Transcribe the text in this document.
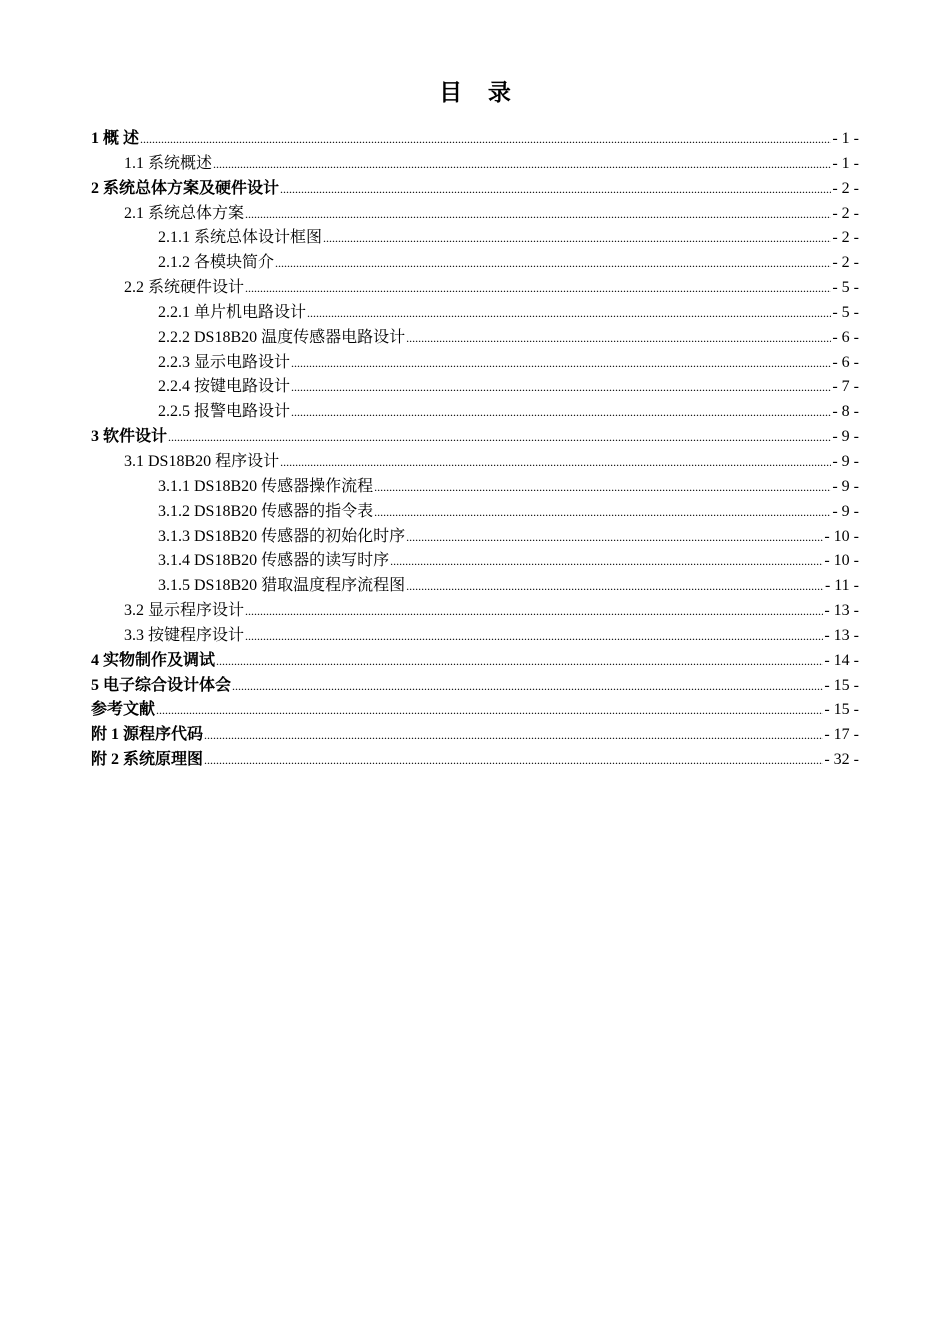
目 录
1 概 述 .....	- 1 -
1.1 系统概述 .....	- 1 -
2 系统总体方案及硬件设计 .....	- 2 -
2.1 系统总体方案 .....	- 2 -
2.1.1 系统总体设计框图 .....	- 2 -
2.1.2 各模块简介 .....	- 2 -
2.2 系统硬件设计 .....	- 5 -
2.2.1 单片机电路设计 .....	- 5 -
2.2.2 DS18B20 温度传感器电路设计 .....	- 6 -
2.2.3 显示电路设计 .....	- 6 -
2.2.4 按键电路设计 .....	- 7 -
2.2.5 报警电路设计 .....	- 8 -
3 软件设计 .....	- 9 -
3.1 DS18B20 程序设计 .....	- 9 -
3.1.1 DS18B20 传感器操作流程 .....	- 9 -
3.1.2 DS18B20 传感器的指令表 .....	- 9 -
3.1.3 DS18B20 传感器的初始化时序 .....	- 10 -
3.1.4 DS18B20 传感器的读写时序 .....	- 10 -
3.1.5 DS18B20 猎取温度程序流程图 .....	- 11 -
3.2 显示程序设计 .....	- 13 -
3.3 按键程序设计 .....	- 13 -
4 实物制作及调试 .....	- 14 -
5 电子综合设计体会 .....	- 15 -
参考文献 .....	- 15 -
附 1 源程序代码 .....	- 17 -
附 2 系统原理图 .....	- 32 -
